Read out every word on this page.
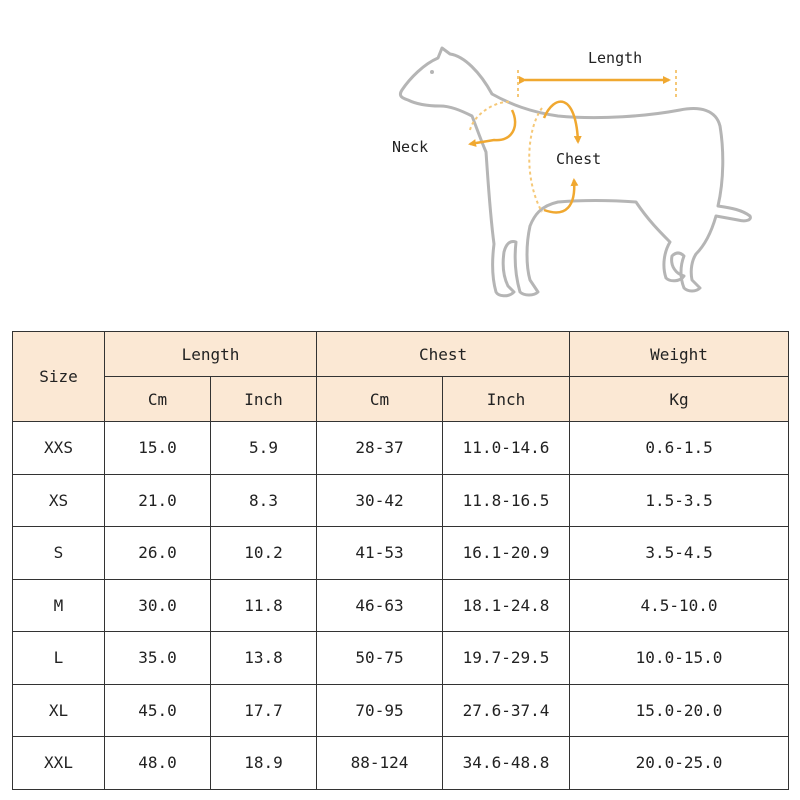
Length
Neck
Chest
Size	Length		Chest		Weight
	Cm	Inch	Cm	Inch	Kg
XXS	15.0	5.9	28-37	11.0-14.6	0.6-1.5
XS	21.0	8.3	30-42	11.8-16.5	1.5-3.5
S	26.0	10.2	41-53	16.1-20.9	3.5-4.5
M	30.0	11.8	46-63	18.1-24.8	4.5-10.0
L	35.0	13.8	50-75	19.7-29.5	10.0-15.0
XL	45.0	17.7	70-95	27.6-37.4	15.0-20.0
XXL	48.0	18.9	88-124	34.6-48.8	20.0-25.0
